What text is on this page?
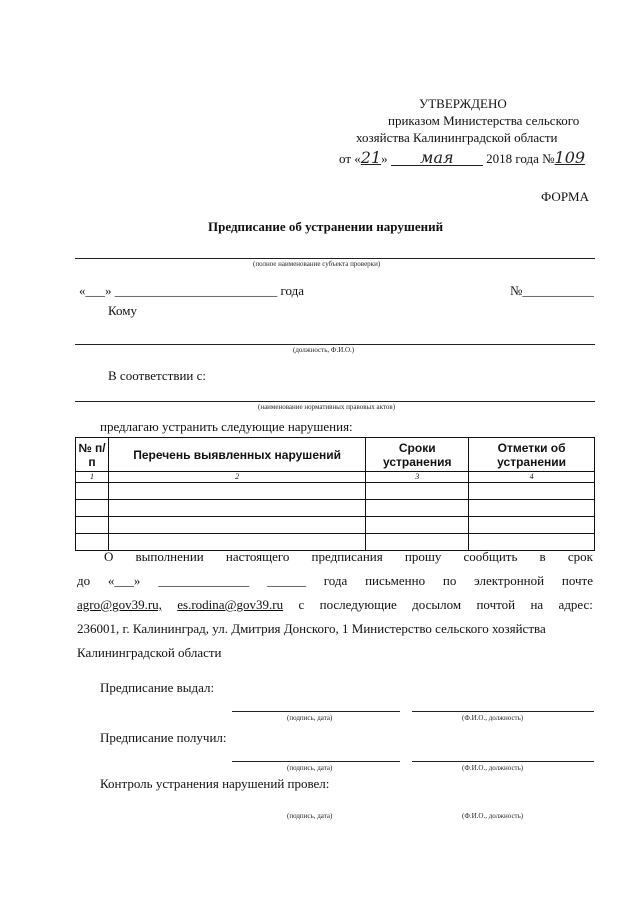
УТВЕРЖДЕНО
приказом Министерства сельского
хозяйства Калининградской области
от «21» мая	2018 года №109
ФОРМА
Предписание об устранении нарушений
(полное наименование субъекта проверки)
«___» _________________________ года	№___________
Кому
(должность, Ф.И.О.)
В соответствии с:
(наименование нормативных правовых актов)
предлагаю устранить следующие нарушения:
№ п/п	Перечень выявленных нарушений	Сроки устранения	Отметки об устранении
1	2	3	4

О выполнении настоящего предписания прошу сообщить в срок
до «___» ______________ ______ года письменно по электронной почте
agro@gov39.ru, es.rodina@gov39.ru с последующие досылом почтой на адрес:
236001, г. Калининград, ул. Дмитрия Донского, 1 Министерство сельского хозяйства
Калининградской области
Предписание выдал:
(подпись, дата)	(Ф.И.О., должность)
Предписание получил:
(подпись, дата)	(Ф.И.О., должность)
Контроль устранения нарушений провел:
(подпись, дата)	(Ф.И.О., должность)
